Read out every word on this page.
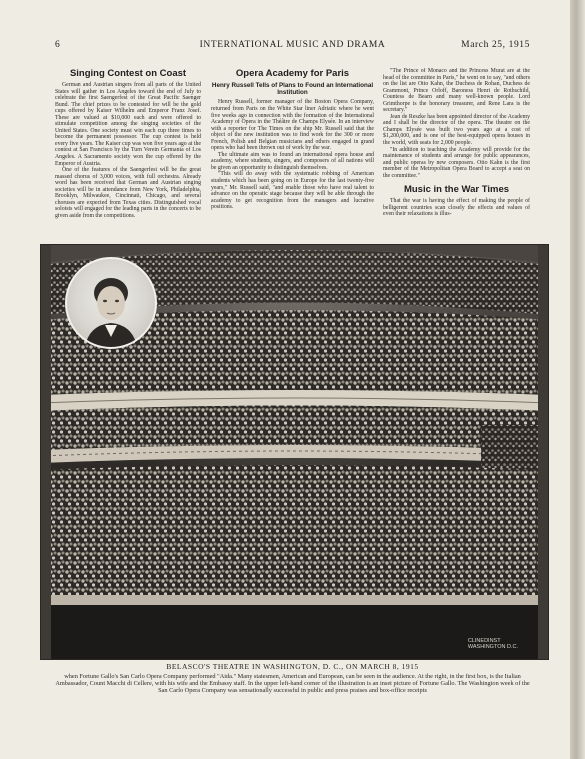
6	INTERNATIONAL MUSIC AND DRAMA	March 25, 1915
Singing Contest on Coast

German and Austrian singers from all parts of the United States will gather in Los Angeles toward the end of July to celebrate the first Saengerfest of the Great Pacific Saenger Bund. The chief prizes to be contested for will be the gold cups offered by Kaiser Wilhelm and Emperor Franz Josef. These are valued at $10,000 each and were offered to stimulate competition among the singing societies of the United States. One society must win each cup three times to become the permanent possessor. The cup contest is held every five years. The Kaiser cup was won five years ago at the contest at San Francisco by the Turn Verein Germania of Los Angeles. A Sacramento society won the cup offered by the Emperor of Austria.

One of the features of the Saengerfest will be the great massed chorus of 3,000 voices, with full orchestra. Already word has been received that German and Austrian singing societies will be in attendance from New York, Philadelphia, Brooklyn, Milwaukee, Cincinnati, Chicago, and several choruses are expected from Texas cities. Distinguished vocal soloists will engaged for the leading parts in the concerts to be given aside from the competitions.

Opera Academy for Paris
Henry Russell Tells of Plans to Found an International Institution

Henry Russell, former manager of the Boston Opera Company, returned from Paris on the White Star liner Adriatic where he went five weeks ago in connection with the formation of the International Academy of Opera in the Théâtre de Champs Elysée. In an interview with a reporter for The Times on the ship Mr. Russell said that the object of the new institution was to find work for the 300 or more French, Polish and Belgian musicians and others engaged in grand opera who had been thrown out of work by the war.

The ultimate aim was to found an international opera house and academy, where students, singers, and composers of all nations will be given an opportunity to distinguish themselves.

"This will do away with the systematic robbing of American students which has been going on in Europe for the last twenty-five years," Mr. Russell said, "and enable those who have real talent to advance on the operatic stage because they will be able through the academy to get recognition from the managers and lucrative positions.

"The Prince of Monaco and the Princess Murat are at the head of the committee in Paris," he went on to say, "and others on the list are Otto Kahn, the Duchess de Rohan, Duchess de Grammont, Prince Orloff, Baroness Henri de Rothschild, Countess de Bearn and many well-known people. Lord Grimthorpe is the honorary treasurer, and Rene Lara is the secretary."

Jean de Reszke has been appointed director of the Academy and I shall be the director of the opera. The theatre on the Champs Elysée was built two years ago at a cost of $1,200,000, and is one of the best-equipped opera houses in the world, with seats for 2,000 people.

"In addition to teaching the Academy will provide for the maintenance of students and arrange for public appearances, and public operas by new composers. Otto Kahn is the first member of the Metropolitan Opera Board to accept a seat on the committee."

Music in the War Times

That the war is having the effect of making the people of belligerent countries scan closely the effects and values of even their relaxations is illus-

CLINEDINST
WASHINGTON D.C.
BELASCO'S THEATRE IN WASHINGTON, D. C., ON MARCH 8, 1915
when Fortune Gallo's San Carlo Opera Company performed "Aida." Many statesmen, American and European, can be seen in the audience. At the right, in the first box, is the Italian Ambassador, Count Macchi di Cellere, with his wife and the Embassy staff. In the upper left-hand corner of the illustration is an inset picture of Fortune Gallo. The Washington week of the San Carlo Opera Company was sensationally successful in public and press praises and box-office receipts
